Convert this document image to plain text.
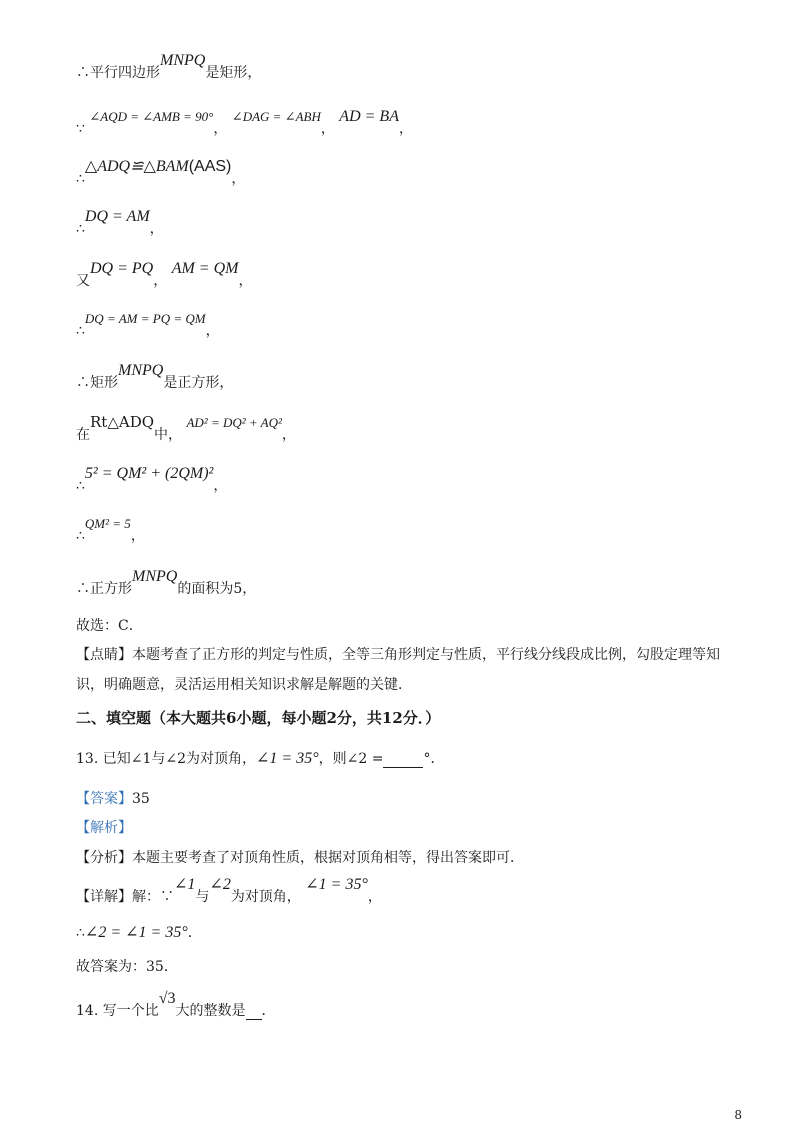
∴平行四边形MNPQ是矩形，
∵ ∠AQD = ∠AMB = 90°， ∠DAG = ∠ABH， AD = BA，
∴△ADQ≌△BAM(AAS)，
∴DQ = AM，
又DQ = PQ， AM = QM，
∴DQ = AM = PQ = QM，
∴矩形MNPQ是正方形，
在Rt△ADQ中， AD² = DQ² + AQ²，
∴5² = QM² + (2QM)²，
∴QM² = 5，
∴正方形MNPQ的面积为5，
故选：C．
【点睛】本题考查了正方形的判定与性质，全等三角形判定与性质，平行线分线段成比例，勾股定理等知识，明确题意，灵活运用相关知识求解是解题的关键．
二、填空题（本大题共6小题，每小题2分，共12分．）
13. 已知∠1与∠2为对顶角，∠1 = 35°，则∠2 =	°．
【答案】35
【解析】
【分析】本题主要考查了对顶角性质，根据对顶角相等，得出答案即可．
【详解】解：∵∠1与∠2为对顶角， ∠1 = 35°，
∴∠2 = ∠1 = 35°．
故答案为：35．
14. 写一个比√3大的整数是 ．
8
